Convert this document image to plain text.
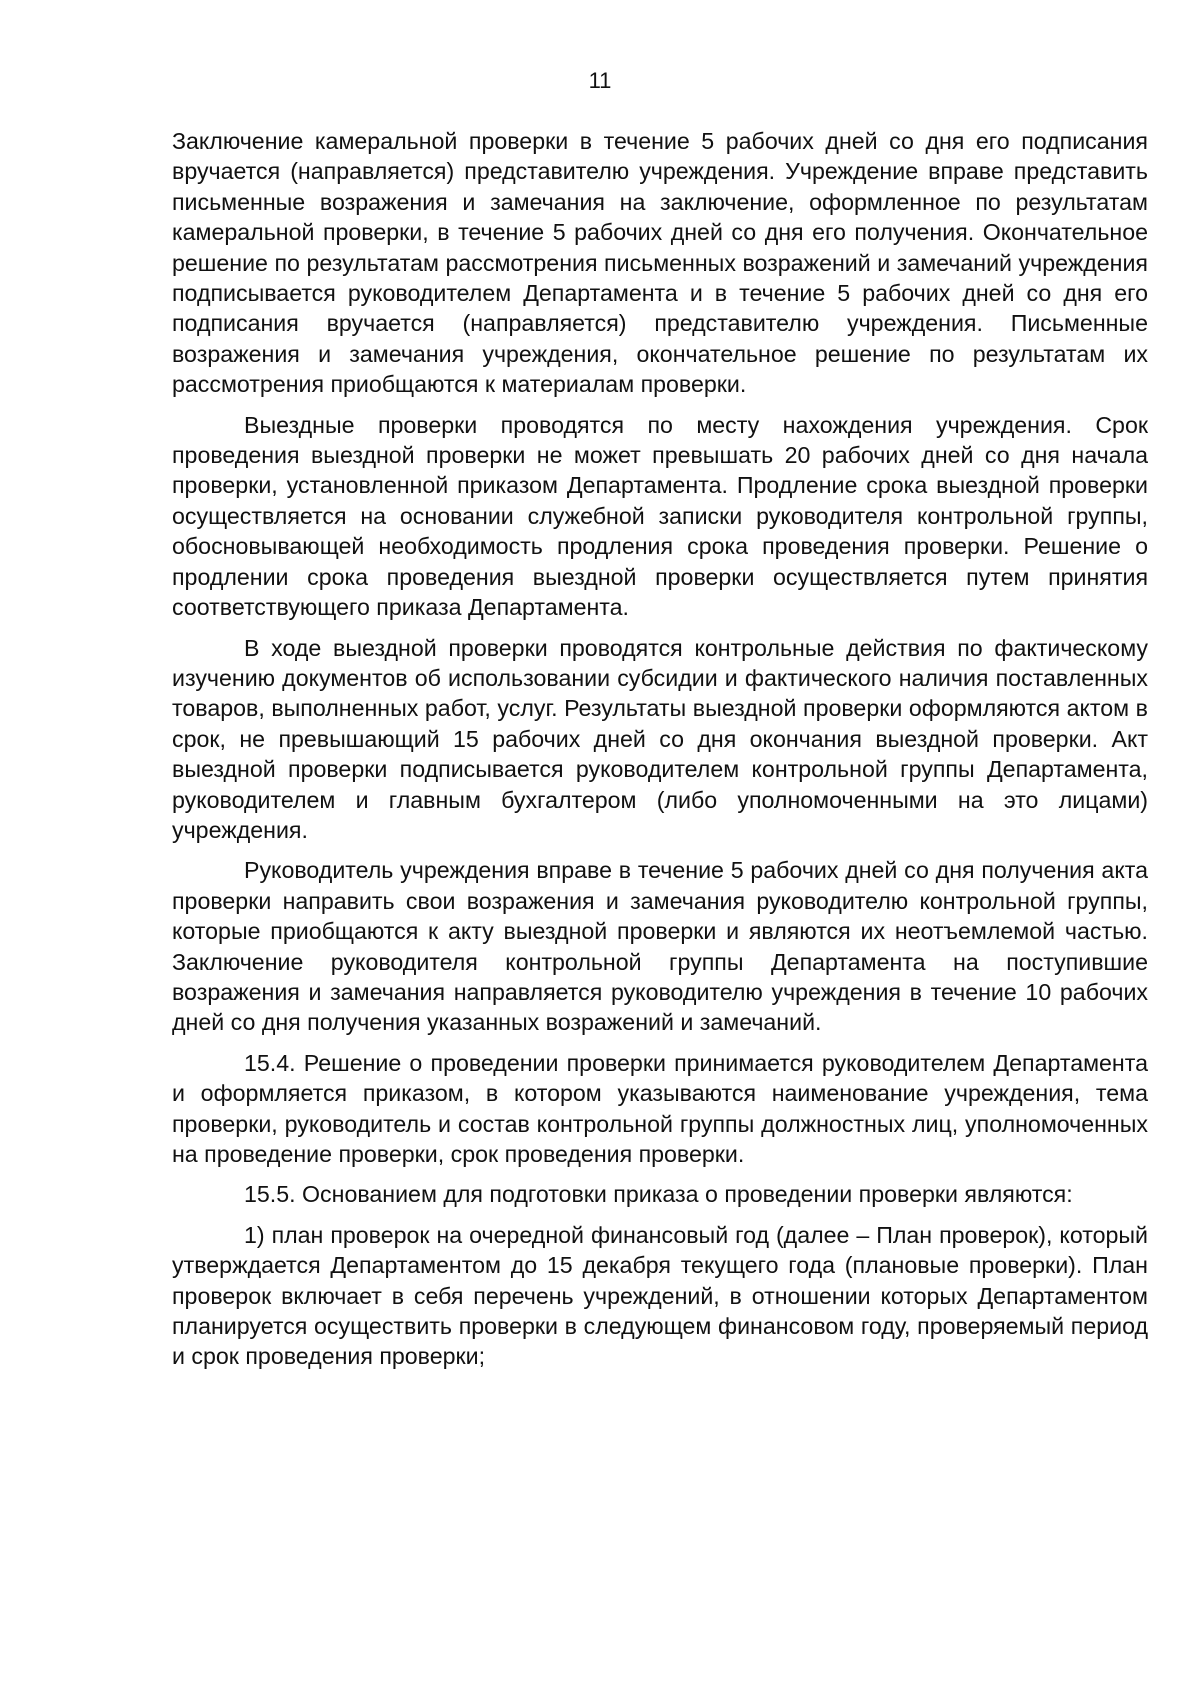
11

Заключение камеральной проверки в течение 5 рабочих дней со дня его подписания вручается (направляется) представителю учреждения. Учреждение вправе представить письменные возражения и замечания на заключение, оформленное по результатам камеральной проверки, в течение 5 рабочих дней со дня его получения. Окончательное решение по результатам рассмотрения письменных возражений и замечаний учреждения подписывается руководителем Департамента и в течение 5 рабочих дней со дня его подписания вручается (направляется) представителю учреждения. Письменные возражения и замечания учреждения, окончательное решение по результатам их рассмотрения приобщаются к материалам проверки.

Выездные проверки проводятся по месту нахождения учреждения. Срок проведения выездной проверки не может превышать 20 рабочих дней со дня начала проверки, установленной приказом Департамента. Продление срока выездной проверки осуществляется на основании служебной записки руководителя контрольной группы, обосновывающей необходимость продления срока проведения проверки. Решение о продлении срока проведения выездной проверки осуществляется путем принятия соответствующего приказа Департамента.

В ходе выездной проверки проводятся контрольные действия по фактическому изучению документов об использовании субсидии и фактического наличия поставленных товаров, выполненных работ, услуг. Результаты выездной проверки оформляются актом в срок, не превышающий 15 рабочих дней со дня окончания выездной проверки. Акт выездной проверки подписывается руководителем контрольной группы Департамента, руководителем и главным бухгалтером (либо уполномоченными на это лицами) учреждения.

Руководитель учреждения вправе в течение 5 рабочих дней со дня получения акта проверки направить свои возражения и замечания руководителю контрольной группы, которые приобщаются к акту выездной проверки и являются их неотъемлемой частью. Заключение руководителя контрольной группы Департамента на поступившие возражения и замечания направляется руководителю учреждения в течение 10 рабочих дней со дня получения указанных возражений и замечаний.

15.4. Решение о проведении проверки принимается руководителем Департамента и оформляется приказом, в котором указываются наименование учреждения, тема проверки, руководитель и состав контрольной группы должностных лиц, уполномоченных на проведение проверки, срок проведения проверки.

15.5. Основанием для подготовки приказа о проведении проверки являются:

1) план проверок на очередной финансовый год (далее – План проверок), который утверждается Департаментом до 15 декабря текущего года (плановые проверки). План проверок включает в себя перечень учреждений, в отношении которых Департаментом планируется осуществить проверки в следующем финансовом году, проверяемый период и срок проведения проверки;
